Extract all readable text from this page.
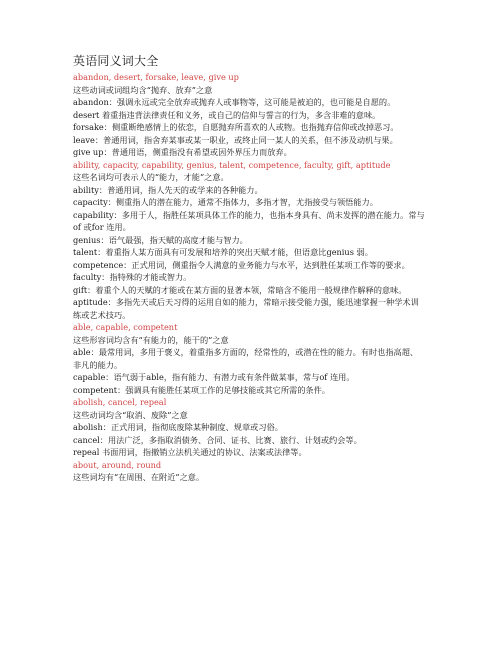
英语同义词大全
abandon, desert, forsake, leave, give up
这些动词或词组均含“抛弃、放弃”之意
abandon：强调永远或完全放弃或抛弃人或事物等，这可能是被迫的，也可能是自愿的。
desert 着重指违背法律责任和义务，或自己的信仰与誓言的行为，多含非难的意味。
forsake：侧重断绝感情上的依恋，自愿抛弃所喜欢的人或物。也指抛弃信仰或改掉恶习。
leave：普通用词，指舍弃某事或某一职业，或终止同一某人的关系，但不涉及动机与果。
give up：普通用语，侧重指没有希望或因外界压力而放弃。
ability, capacity, capability, genius, talent, competence, faculty, gift, aptitude
这些名词均可表示人的“能力，才能”之意。
ability：普通用词，指人先天的或学来的各种能力。
capacity：侧重指人的潜在能力，通常不指体力，多指才智，尤指接受与领悟能力。
capability：多用于人，指胜任某项具体工作的能力，也指本身具有、尚未发挥的潜在能力。常与of 或for 连用。
genius：语气最强，指天赋的高度才能与智力。
talent：着重指人某方面具有可发展和培养的突出天赋才能，但语意比genius 弱。
competence：正式用词，侧重指令人满意的业务能力与水平，达到胜任某项工作等的要求。
faculty：指特殊的才能或智力。
gift：着重个人的天赋的才能或在某方面的显著本领，常暗含不能用一般规律作解释的意味。
aptitude：多指先天或后天习得的运用自如的能力，常暗示接受能力强，能迅速掌握一种学术训练或艺术技巧。
able, capable, competent
这些形容词均含有“有能力的，能干的”之意
able：最常用词，多用于褒义，着重指多方面的，经常性的，或潜在性的能力。有时也指高超、非凡的能力。
capable：语气弱于able，指有能力、有潜力或有条件做某事，常与of 连用。
competent：强调具有能胜任某项工作的足够技能或其它所需的条件。
abolish, cancel, repeal
这些动词均含“取消、废除”之意
abolish：正式用词，指彻底废除某种制度、规章或习俗。
cancel：用法广泛，多指取消债务、合同、证书、比赛、旅行、计划或约会等。
repeal 书面用词，指撤销立法机关通过的协议、法案或法律等。
about, around, round
这些词均有“在周围、在附近”之意。
